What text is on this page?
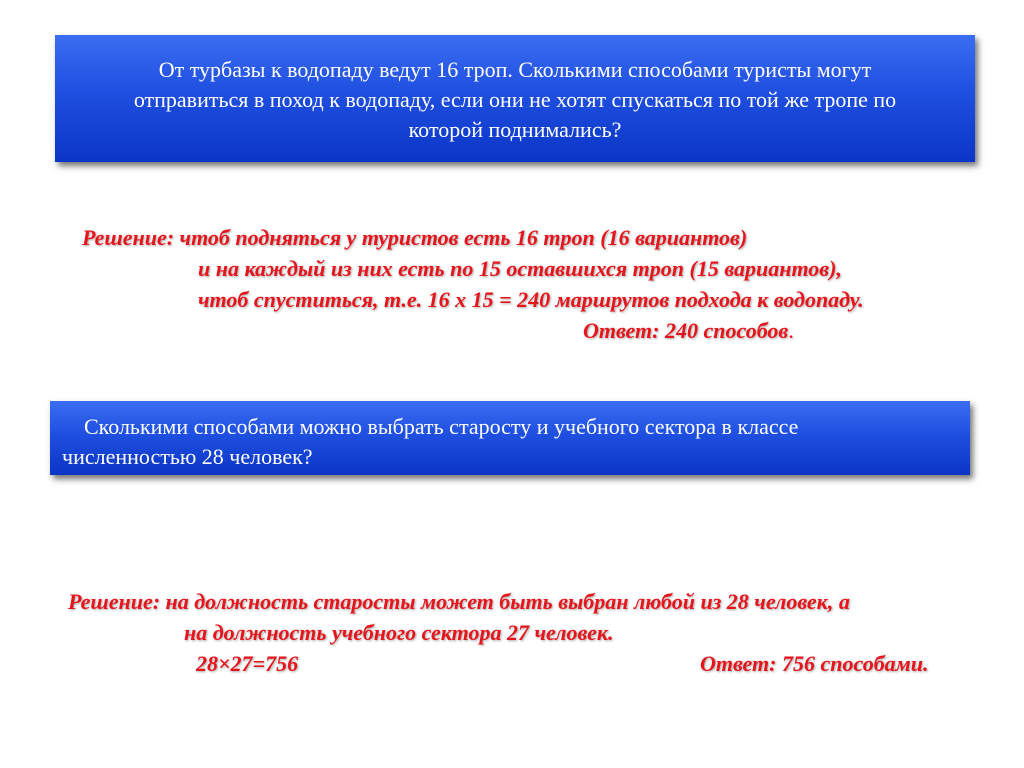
От турбазы к водопаду ведут 16 троп. Сколькими способами туристы могут
отправиться в поход к водопаду, если они не хотят спускаться по той же тропе по
которой поднимались?
Решение: чтоб подняться у туристов есть 16 троп (16 вариантов)
и на каждый из них есть по 15 оставшихся троп (15 вариантов),
чтоб спуститься, т.е. 16 х 15 = 240 маршрутов подхода к водопаду.
Ответ: 240 способов.
Сколькими способами можно выбрать старосту и учебного сектора в классе
численностью 28 человек?
Решение: на должность старосты может быть выбран любой из 28 человек, а
на должность учебного сектора 27 человек.
28×27=756	Ответ: 756 способами.
